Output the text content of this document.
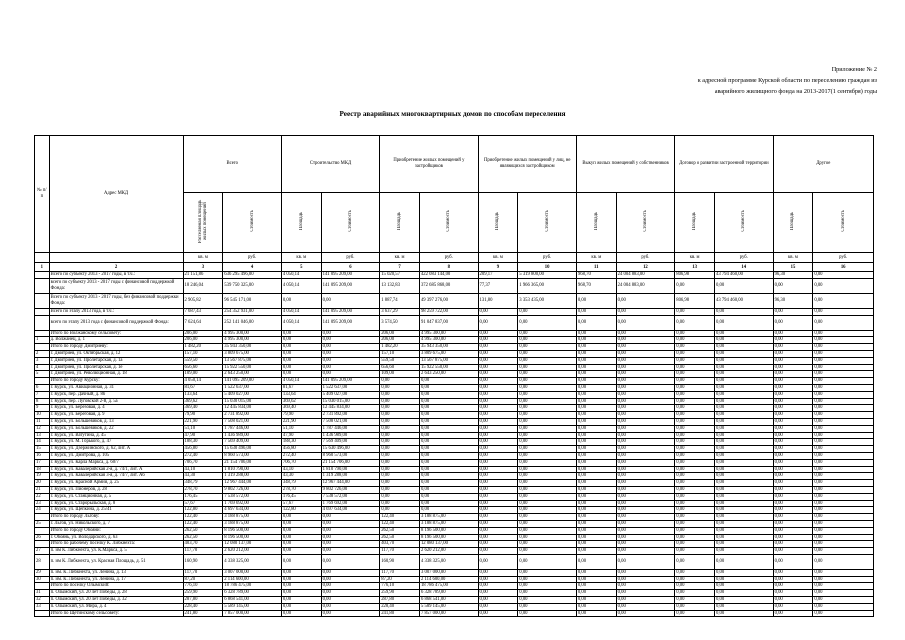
Приложение № 2
к адресной программе Курской области по переселению граждан из
аварийного жилищного фонда на 2013-2017(1 сентября) годы
Реестр аварийных многоквартирных домов по способам переселения
№ п/п	Адрес МКД	Всего		Строительство МКД		Приобретение жилых помещений у застройщиков		Приобретение жилых помещений у лиц, не являющихся застройщиком		Выкуп жилых помещений у собственников		Договор о развитии застроенной территории		Другое	
		Расселяемая площадь жилых помещений	Стоимость	Площадь	Стоимость	Площадь	Стоимость	Площадь	Стоимость	Площадь	Стоимость	Площадь	Стоимость	Площадь	Стоимость
		кв. м	руб.	кв. м	руб.	кв. м	руб.	кв. м	руб.	кв. м	руб.	кв. м	руб.	кв. м	руб.
1	2	3	4	5	6	7	8	9	10	11	12	13	14	15	16
	Всего по субъекту 2013 - 2017 годы, в т.ч.:	21 151,86	636 295 496,00	4 050,14	141 095 209,00	15 020,57	422 083 144,00	209,17	5 319 800,00	968,70	24 004 883,00	806,98	43 794 460,00	96,30	0,00
	всего по субъекту 2013 - 2017 годы с финансовой поддержкой Фонда:	18 246,04	539 750 325,00	4 050,14	141 095 209,00	13 132,83	372 685 868,00	77,37	1 966 365,00	968,70	24 004 883,00	0,00	0,00	0,00	0,00
	Всего по субъекту 2013 - 2017 годы, без финансовой поддержки Фонда:	2 905,82	96 545 171,00	0,00	0,00	1 887,74	49 397 276,00	131,80	3 353 435,00	0,00	0,00	806,98	43 794 460,00	96,30	0,00
	Всего по этапу 2013 года, в т.ч.:	7 687,43	254 352 931,00	4 050,14	141 095 209,00	3 637,29	98 259 722,00	0,00	0,00	0,00	0,00	0,00	0,00	0,00	0,00
	всего по этапу 2013 года с финансовой поддержкой Фонда:	7 624,64	252 141 046,00	4 050,14	141 095 209,00	3 574,50	91 047 837,00	0,00	0,00	0,00	0,00	0,00	0,00	0,00	0,00
	Итого по Волжанскому сельсовету:	206,00	4 995 300,00	0,00	0,00	206,00	4 995 300,00	0,00	0,00	0,00	0,00	0,00	0,00	0,00	0,00
1	д. Волжанец, д. 1	206,00	4 995 300,00	0,00	0,00	206,00	4 995 300,00	0,00	0,00	0,00	0,00	0,00	0,00	0,00	0,00
	Итого по городу Дмитриеву:	1 482,20	35 943 350,00	0,00	0,00	1 482,20	35 943 350,00	0,00	0,00	0,00	0,00	0,00	0,00	0,00	0,00
2	г. Дмитриев, ул. Октябрьская, д. 12	157,10	3 809 675,00	0,00	0,00	157,10	3 809 675,00	0,00	0,00	0,00	0,00	0,00	0,00	0,00	0,00
3	г. Дмитриев, ул. Пролетарская, д. 1а	559,50	13 567 875,00	0,00	0,00	559,50	13 567 875,00	0,00	0,00	0,00	0,00	0,00	0,00	0,00	0,00
4	г. Дмитриев, ул. Пролетарская, д. 1е	656,60	15 922 550,00	0,00	0,00	656,60	15 922 550,00	0,00	0,00	0,00	0,00	0,00	0,00	0,00	0,00
5	г. Дмитриев, ул. Революционная, д. 18	109,00	2 643 250,00	0,00	0,00	109,00	2 643 250,00	0,00	0,00	0,00	0,00	0,00	0,00	0,00	0,00
	Итого по городу Курску:	4 050,14	141 095 209,00	4 050,14	141 095 209,00	0,00	0,00	0,00	0,00	0,00	0,00	0,00	0,00	0,00	0,00
6	г. Курск, ул. Авиационная, д. 31	81,67	1 522 637,00	81,67	1 522 637,00	0,00	0,00	0,00	0,00	0,00	0,00	0,00	0,00	0,00	0,00
7	г. Курск, пер. Дачный, д. 8б	133,64	5 409 027,00	133,64	5 409 027,00	0,00	0,00	0,00	0,00	0,00	0,00	0,00	0,00	0,00	0,00
8	г. Курск, пер. Луговской 2-й, д. 5а	369,62	15 030 015,00	369,62	15 030 015,00	0,00	0,00	0,00	0,00	0,00	0,00	0,00	0,00	0,00	0,00
9	г. Курск, ул. Березовая, д. 4	369,40	12 445 834,00	369,40	12 445 834,00	0,00	0,00	0,00	0,00	0,00	0,00	0,00	0,00	0,00	0,00
10	г. Курск, ул. Береговая, д. 9	79,90	2 731 892,00	79,90	2 731 892,00	0,00	0,00	0,00	0,00	0,00	0,00	0,00	0,00	0,00	0,00
11	г. Курск, ул. Большевиков, д. 13	221,90	7 508 021,00	221,90	7 508 021,00	0,00	0,00	0,00	0,00	0,00	0,00	0,00	0,00	0,00	0,00
12	г. Курск, ул. Большевиков, д. 22	51,10	1 787 446,00	51,10	1 787 446,00	0,00	0,00	0,00	0,00	0,00	0,00	0,00	0,00	0,00	0,00
13	г. Курск, ул. Ватутина, д. 45	47,90	1 436 989,00	47,90	1 436 989,00	0,00	0,00	0,00	0,00	0,00	0,00	0,00	0,00	0,00	0,00
14	г. Курск, ул. М. Горького, д. 47	188,30	7 569 409,00	188,30	7 569 409,00	0,00	0,00	0,00	0,00	0,00	0,00	0,00	0,00	0,00	0,00
15	г. Курск, ул. Дзержинского, д. 62, лит. А	456,80	15 630 496,00	456,80	15 630 496,00	0,00	0,00	0,00	0,00	0,00	0,00	0,00	0,00	0,00	0,00
16	г. Курск, ул. Дмитрова, д. 105	272,40	8 960 573,00	272,40	8 960 573,00	0,00	0,00	0,00	0,00	0,00	0,00	0,00	0,00	0,00	0,00
17	г. Курск, ул. Карла Маркса, д. 60/7	706,70	21 154 706,00	706,70	21 154 706,00	0,00	0,00	0,00	0,00	0,00	0,00	0,00	0,00	0,00	0,00
18	г. Курск, ул. Кавалерийская 2-я, д. 74/1, лит. А	43,10	1 810 790,00	43,10	1 810 790,00	0,00	0,00	0,00	0,00	0,00	0,00	0,00	0,00	0,00	0,00
19	г. Курск, ул. Кавалерийская 3-я, д. 74/7, лит. А6	43,30	1 319 288,00	43,30	1 319 288,00	0,00	0,00	0,00	0,00	0,00	0,00	0,00	0,00	0,00	0,00
20	г. Курск, ул. Красной Армии, д. 25	348,79	12 967 444,00	348,79	12 967 444,00	0,00	0,00	0,00	0,00	0,00	0,00	0,00	0,00	0,00	0,00
21	г. Курск, ул. Пионеров, д. 28	278,70	9 802 726,00	278,70	9 802 726,00	0,00	0,00	0,00	0,00	0,00	0,00	0,00	0,00	0,00	0,00
22	г. Курск, ул. Станционная, д. 5	176,45	7 538 572,00	176,45	7 538 572,00	0,00	0,00	0,00	0,00	0,00	0,00	0,00	0,00	0,00	0,00
23	г. Курск, ул. Старорыльская, д. 8	57,67	1 769 692,00	57,67	1 769 692,00	0,00	0,00	0,00	0,00	0,00	0,00	0,00	0,00	0,00	0,00
24	г. Курск, ул. Щепкина, д. 25/41	122,80	4 697 634,00	122,80	4 697 634,00	0,00	0,00	0,00	0,00	0,00	0,00	0,00	0,00	0,00	0,00
	Итого по городу Льгову:	122,40	3 188 875,00	0,00	0,00	122,40	3 188 875,00	0,00	0,00	0,00	0,00	0,00	0,00	0,00	0,00
25	г. Льгов, ул. Никольского, д. 7	122,40	3 188 875,00	0,00	0,00	122,40	3 188 875,00	0,00	0,00	0,00	0,00	0,00	0,00	0,00	0,00
	Итого по городу Обояни:	262,50	8 196 500,00	0,00	0,00	262,50	8 196 500,00	0,00	0,00	0,00	0,00	0,00	0,00	0,00	0,00
26	г. Обоянь, ул. Володарского, д. 63	262,50	8 196 500,00	0,00	0,00	262,50	8 196 500,00	0,00	0,00	0,00	0,00	0,00	0,00	0,00	0,00
	Итого по рабочему поселку К. Либкнехта:	403,70	12 080 137,00	0,00	0,00	403,70	12 080 137,00	0,00	0,00	0,00	0,00	0,00	0,00	0,00	0,00
27	п. им К. Либкнехта, ул. К.Маркса, д. 5	117,70	2 620 212,00	0,00	0,00	117,70	2 620 212,00	0,00	0,00	0,00	0,00	0,00	0,00	0,00	0,00
28	п. им К. Либкнехта, ул. Красная Площадь, д. 51	160,90	4 338 325,00	0,00	0,00	160,90	4 338 325,00	0,00	0,00	0,00	0,00	0,00	0,00	0,00	0,00
29	п. им. К. Либкнехта, ул. Ленина, д. 13	117,70	3 007 000,00	0,00	0,00	117,70	3 007 000,00	0,00	0,00	0,00	0,00	0,00	0,00	0,00	0,00
30	п. им. К. Либкнехта, ул. Ленина, д. 17	87,20	2 114 600,00	0,00	0,00	87,20	2 114 600,00	0,00	0,00	0,00	0,00	0,00	0,00	0,00	0,00
	Итого по поселку Олымский:	776,10	18 786 475,00	0,00	0,00	776,10	18 786 475,00	0,00	0,00	0,00	0,00	0,00	0,00	0,00	0,00
31	п. Олымский, ул. 20 лет Победы, д. 28	259,90	6 328 789,00	0,00	0,00	259,90	6 328 789,00	0,00	0,00	0,00	0,00	0,00	0,00	0,00	0,00
32	п. Олымский, ул. 20 лет Победы, д. 32	287,80	6 868 541,00	0,00	0,00	287,80	6 868 541,00	0,00	0,00	0,00	0,00	0,00	0,00	0,00	0,00
33	п. Олымский, ул. Мира, д. 4	228,40	5 589 145,00	0,00	0,00	228,40	5 589 145,00	0,00	0,00	0,00	0,00	0,00	0,00	0,00	0,00
	Итого по Щетинскому сельсовету:	241,80	7 857 000,00	0,00	0,00	241,80	7 857 000,00	0,00	0,00	0,00	0,00	0,00	0,00	0,00	0,00
